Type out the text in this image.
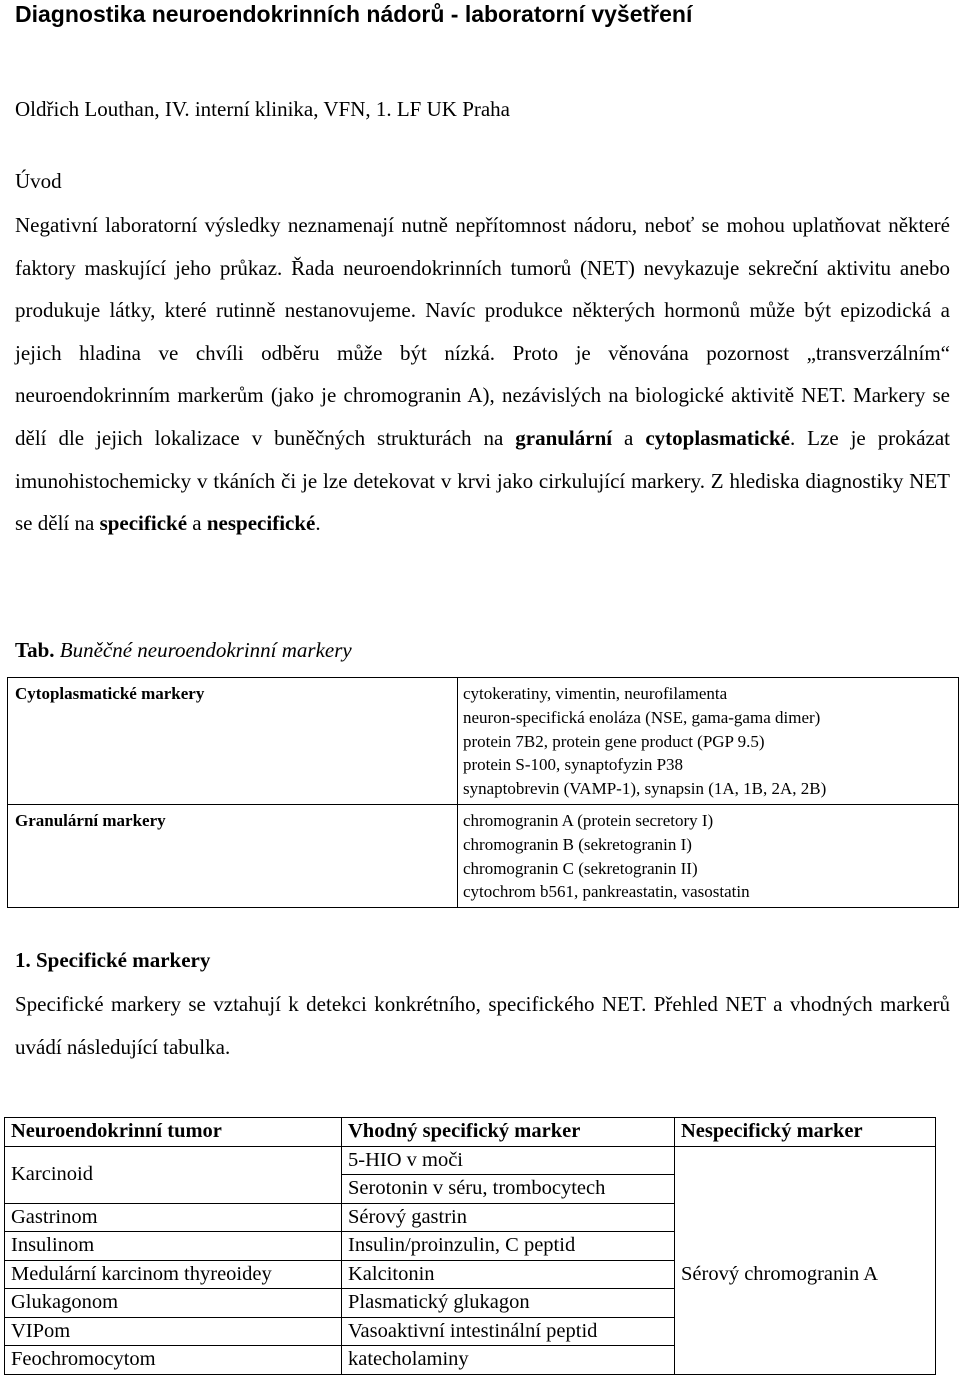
Diagnostika neuroendokrinních nádorů - laboratorní vyšetření
Oldřich Louthan, IV. interní klinika, VFN, 1. LF UK Praha
Úvod
Negativní laboratorní výsledky neznamenají nutně nepřítomnost nádoru, neboť se mohou uplatňovat některé faktory maskující jeho průkaz. Řada neuroendokrinních tumorů (NET) nevykazuje sekreční aktivitu anebo produkuje látky, které rutinně nestanovujeme. Navíc produkce některých hormonů může být epizodická a jejich hladina ve chvíli odběru může být nízká. Proto je věnována pozornost „transverzálním“ neuroendokrinním markerům (jako je chromogranin A), nezávislých na biologické aktivitě NET. Markery se dělí dle jejich lokalizace v buněčných strukturách na granulární a cytoplasmatické. Lze je prokázat imunohistochemicky v tkáních či je lze detekovat v krvi jako cirkulující markery. Z hlediska diagnostiky NET se dělí na specifické a nespecifické.
Tab. Buněčné neuroendokrinní markery
Cytoplasmatické markery	cytokeratiny, vimentin, neurofilamenta
neuron-specifická enoláza (NSE, gama-gama dimer)
protein 7B2, protein gene product (PGP 9.5)
protein S-100, synaptofyzin P38
synaptobrevin (VAMP-1), synapsin (1A, 1B, 2A, 2B)

Granulární markery	chromogranin A (protein secretory I)
chromogranin B (sekretogranin I)
chromogranin C (sekretogranin II)
cytochrom b561, pankreastatin, vasostatin
1. Specifické markery
Specifické markery se vztahují k detekci konkrétního, specifického NET. Přehled NET a vhodných markerů uvádí následující tabulka.
Neuroendokrinní tumor	Vhodný specifický marker	Nespecifický marker
Karcinoid	5-HIO v moči	
	Serotonin v séru, trombocytech	Sérový chromogranin A
Gastrinom	Sérový gastrin	
Insulinom	Insulin/proinzulin, C peptid	
Medulární karcinom thyreoidey	Kalcitonin	
Glukagonom	Plasmatický glukagon	
VIPom	Vasoaktivní intestinální peptid	
Feochromocytom	katecholaminy	
